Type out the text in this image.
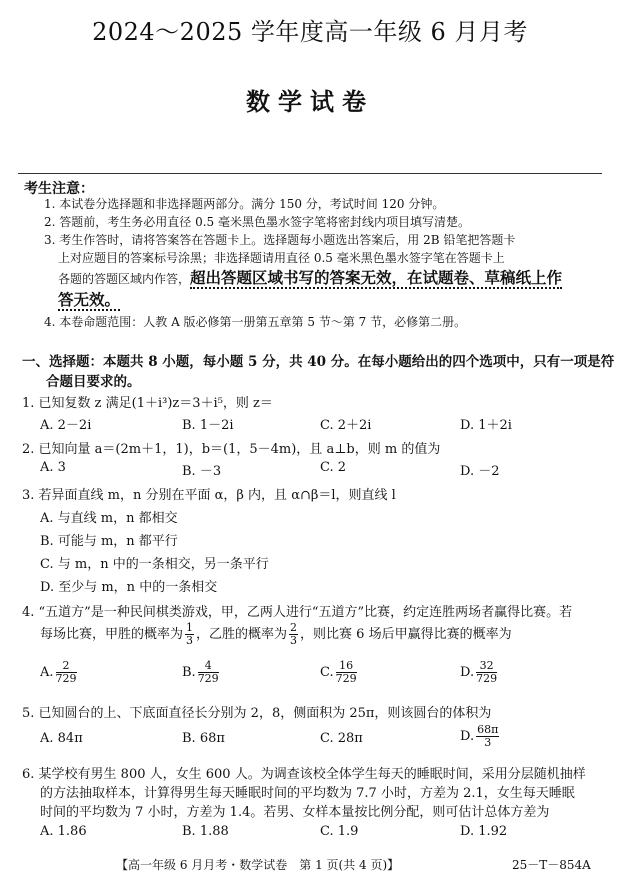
2024～2025 学年度高一年级 6 月月考
数学试卷
考生注意：
1. 本试卷分选择题和非选择题两部分。满分 150 分，考试时间 120 分钟。
2. 答题前，考生务必用直径 0.5 毫米黑色墨水签字笔将密封线内项目填写清楚。
3. 考生作答时，请将答案答在答题卡上。选择题每小题选出答案后，用 2B 铅笔把答题卡
上对应题目的答案标号涂黑；非选择题请用直径 0.5 毫米黑色墨水签字笔在答题卡上
各题的答题区域内作答，超出答题区域书写的答案无效，在试题卷、草稿纸上作
答无效。
4. 本卷命题范围：人教 A 版必修第一册第五章第 5 节～第 7 节，必修第二册。
一、选择题：本题共 8 小题，每小题 5 分，共 40 分。在每小题给出的四个选项中，只有一项是符
合题目要求的。
1. 已知复数 z 满足(1＋i³)z＝3＋i⁵，则 z＝
A. 2－2i	B. 1－2i	C. 2＋2i	D. 1＋2i
2. 已知向量 a＝(2m＋1，1)，b＝(1，5－4m)，且 a⊥b，则 m 的值为
A. 3	B. －3	C. 2	D. －2
3. 若异面直线 m，n 分别在平面 α，β 内，且 α∩β＝l，则直线 l
A. 与直线 m，n 都相交
B. 可能与 m，n 都平行
C. 与 m，n 中的一条相交，另一条平行
D. 至少与 m，n 中的一条相交
4. “五道方”是一种民间棋类游戏，甲，乙两人进行“五道方”比赛，约定连胜两场者赢得比赛。若
每场比赛，甲胜的概率为 $\frac{1}{3}$ ，乙胜的概率为 $\frac{2}{3}$ ，则比赛 6 场后甲赢得比赛的概率为
A. $\frac{2}{729}$	B. $\frac{4}{729}$	C. $\frac{16}{729}$	D. $\frac{32}{729}$
5. 已知圆台的上、下底面直径长分别为 2，8，侧面积为 25π，则该圆台的体积为
A. 84π	B. 68π	C. 28π	D. $\frac{68\pi}{3}$
6. 某学校有男生 800 人，女生 600 人。为调查该校全体学生每天的睡眠时间，采用分层随机抽样
的方法抽取样本，计算得男生每天睡眠时间的平均数为 7.7 小时，方差为 2.1，女生每天睡眠
时间的平均数为 7 小时，方差为 1.4。若男、女样本量按比例分配，则可估计总体方差为
A. 1.86	B. 1.88	C. 1.9	D. 1.92
【高一年级 6 月月考・数学试卷　第 1 页(共 4 页)】	25－T－854A
